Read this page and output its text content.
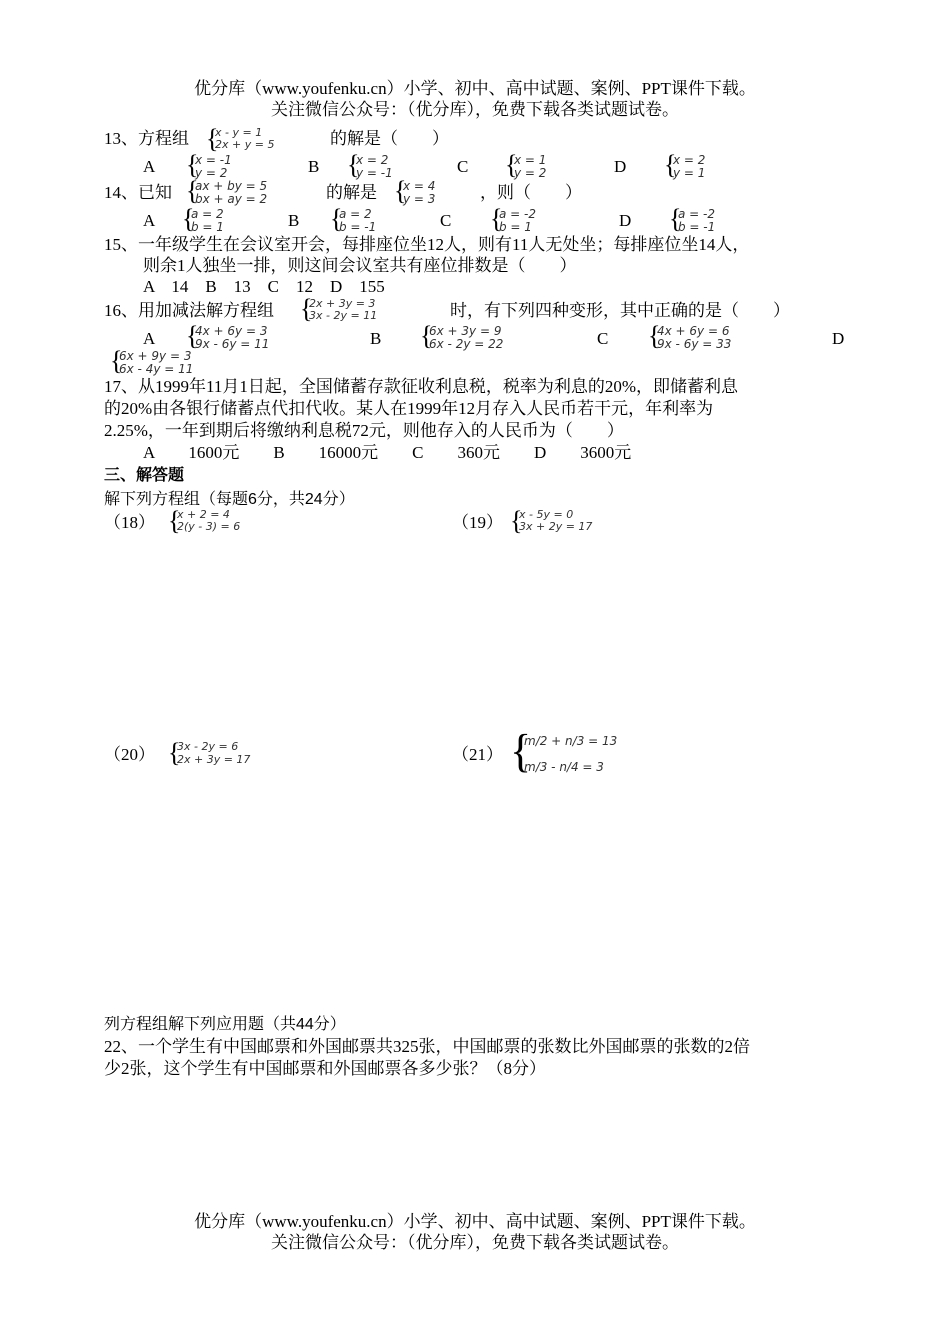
优分库（www.youfenku.cn）小学、初中、高中试题、案例、PPT课件下载。
关注微信公众号：（优分库），免费下载各类试题试卷。
13、方程组 {
x - y = 1
2x + y = 5	的解是（　　）
A {
x = -1
y = 2	B {
x = 2
y = -1	C {
x = 1
y = 2	D {
x = 2
y = 1
14、已知 {
ax + by = 5
bx + ay = 2	的解是 {
x = 4
y = 3	，则（　　）
A {
a = 2
b = 1	B {
a = 2
b = -1	C {
a = -2
b = 1	D {
a = -2
b = -1
15、一年级学生在会议室开会，每排座位坐12人，则有11人无处坐；每排座位坐14人，
则余1人独坐一排，则这间会议室共有座位排数是（　　）
A　14　B　13　C　12　D　155
16、用加减法解方程组 {
2x + 3y = 3
3x - 2y = 11	时，有下列四种变形，其中正确的是（　　）
A {
4x + 6y = 3
9x - 6y = 11	B {
6x + 3y = 9
6x - 2y = 22	C {
4x + 6y = 6
9x - 6y = 33	D
{
6x + 9y = 3
6x - 4y = 11
17、从1999年11月1日起，全国储蓄存款征收利息税，税率为利息的20%，即储蓄利息
的20%由各银行储蓄点代扣代收。某人在1999年12月存入人民币若干元，年利率为
2.25%，一年到期后将缴纳利息税72元，则他存入的人民币为（　　）
A　　1600元　　B　　16000元　　C　　360元　　D　　3600元
三、解答题
解下列方程组（每题6分，共24分）
（18） {
x + 2 = 4
2(y - 3) = 6	（19） {
x - 5y = 0
3x + 2y = 17
（20） {
3x - 2y = 6
2x + 3y = 17	（21） {
m/2 + n/3 = 13
m/3 - n/4 = 3
列方程组解下列应用题（共44分）
22、一个学生有中国邮票和外国邮票共325张，中国邮票的张数比外国邮票的张数的2倍
少2张，这个学生有中国邮票和外国邮票各多少张？（8分）
优分库（www.youfenku.cn）小学、初中、高中试题、案例、PPT课件下载。
关注微信公众号：（优分库），免费下载各类试题试卷。
